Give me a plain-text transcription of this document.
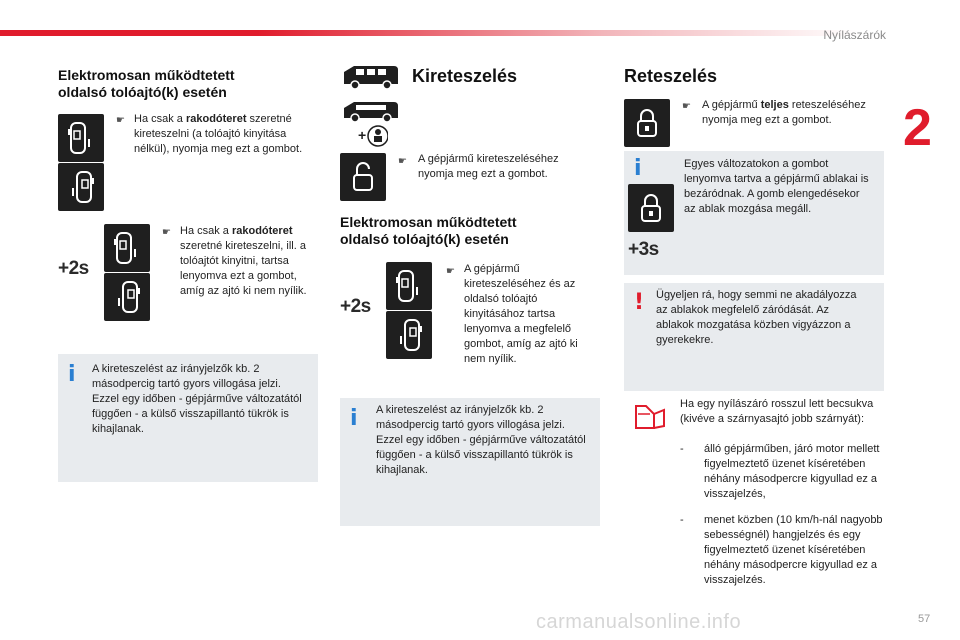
Nyílászárók
2
Elektromosan működtetett
oldalsó tolóajtó(k) esetén
☛ Ha csak a rakodóteret szeretné kireteszelni (a tolóajtó kinyitása nélkül), nyomja meg ezt a gombot.
+2s
☛ Ha csak a rakodóteret szeretné kireteszelni, ill. a tolóajtót kinyitni, tartsa lenyomva ezt a gombot, amíg az ajtó ki nem nyílik.
i A kireteszelést az irányjelzők kb. 2 másodpercig tartó gyors villogása jelzi. Ezzel egy időben - gépjárműve változatától függően - a külső visszapillantó tükrök is kihajlanak.
Kireteszelés
+
☛ A gépjármű kireteszeléséhez nyomja meg ezt a gombot.
Elektromosan működtetett
oldalsó tolóajtó(k) esetén
+2s
☛ A gépjármű kireteszeléséhez és az oldalsó tolóajtó kinyitásához tartsa lenyomva a megfelelő gombot, amíg az ajtó ki nem nyílik.
i A kireteszelést az irányjelzők kb. 2 másodpercig tartó gyors villogása jelzi. Ezzel egy időben - gépjárműve változatától függően - a külső visszapillantó tükrök is kihajlanak.
Reteszelés
☛ A gépjármű teljes reteszeléséhez nyomja meg ezt a gombot.
i
+3s
Egyes változatokon a gombot lenyomva tartva a gépjármű ablakai is bezáródnak. A gomb elengedésekor az ablak mozgása megáll.
! Ügyeljen rá, hogy semmi ne akadályozza az ablakok megfelelő záródását. Az ablakok mozgatása közben vigyázzon a gyerekekre.
Ha egy nyílászáró rosszul lett becsukva (kivéve a szárnyasajtó jobb szárnyát):
-	álló gépjárműben, járó motor mellett figyelmeztető üzenet kíséretében néhány másodpercre kigyullad ez a visszajelzés,
-	menet közben (10 km/h-nál nagyobb sebességnél) hangjelzés és egy figyelmeztető üzenet kíséretében néhány másodpercre kigyullad ez a visszajelzés.
carmanualsonline.info	57
